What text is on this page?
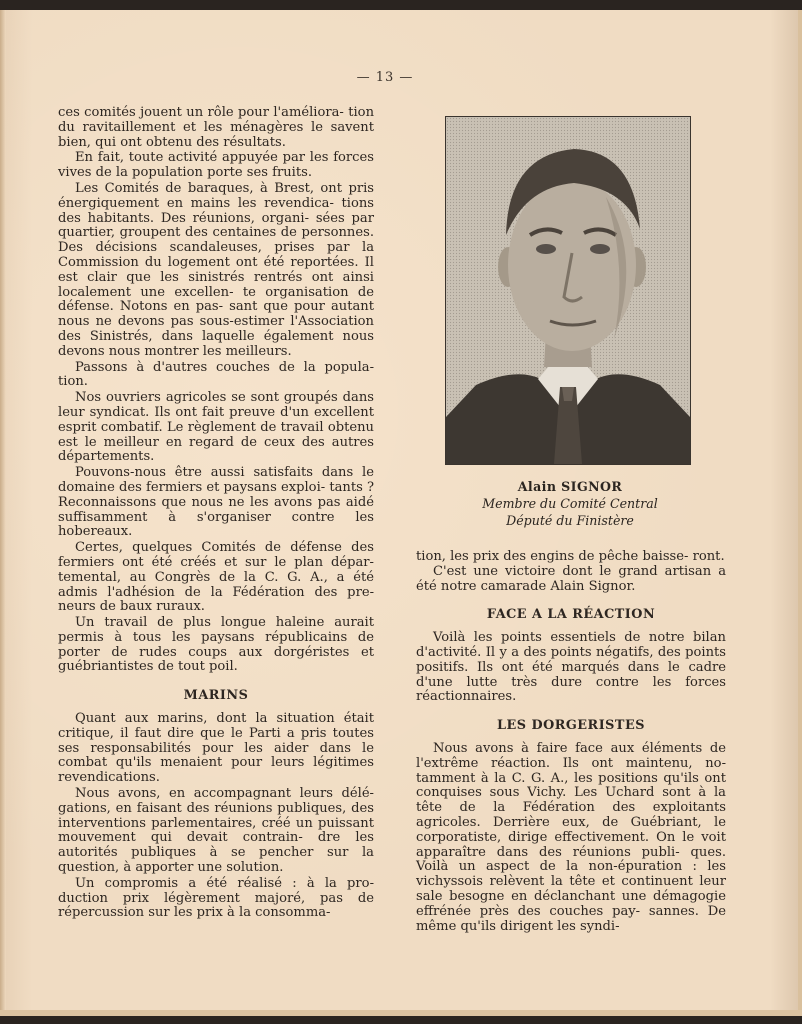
— 13 —

ces comités jouent un rôle pour l'améliora- tion du ravitaillement et les ménagères le savent bien, qui ont obtenu des résultats.

En fait, toute activité appuyée par les forces vives de la population porte ses fruits.

Les Comités de baraques, à Brest, ont pris énergiquement en mains les revendica- tions des habitants. Des réunions, organi- sées par quartier, groupent des centaines de personnes. Des décisions scandaleuses, prises par la Commission du logement ont été reportées. Il est clair que les sinistrés rentrés ont ainsi localement une excellen- te organisation de défense. Notons en pas- sant que pour autant nous ne devons pas sous-estimer l'Association des Sinistrés, dans laquelle également nous devons nous montrer les meilleurs.

Passons à d'autres couches de la popula- tion.

Nos ouvriers agricoles se sont groupés dans leur syndicat. Ils ont fait preuve d'un excellent esprit combatif. Le règlement de travail obtenu est le meilleur en regard de ceux des autres départements.

Pouvons-nous être aussi satisfaits dans le domaine des fermiers et paysans exploi- tants ? Reconnaissons que nous ne les avons pas aidé suffisamment à s'organiser contre les hobereaux.

Certes, quelques Comités de défense des fermiers ont été créés et sur le plan dépar- temental, au Congrès de la C. G. A., a été admis l'adhésion de la Fédération des pre- neurs de baux ruraux.

Un travail de plus longue haleine aurait permis à tous les paysans républicains de porter de rudes coups aux dorgéristes et guébriantistes de tout poil.

MARINS

Quant aux marins, dont la situation était critique, il faut dire que le Parti a pris toutes ses responsabilités pour les aider dans le combat qu'ils menaient pour leurs légitimes revendications.

Nous avons, en accompagnant leurs délé- gations, en faisant des réunions publiques, des interventions parlementaires, créé un puissant mouvement qui devait contrain- dre les autorités publiques à se pencher sur la question, à apporter une solution.

Un compromis a été réalisé : à la pro- duction prix légèrement majoré, pas de répercussion sur les prix à la consomma-

Alain SIGNOR
Membre du Comité Central
Député du Finistère

tion, les prix des engins de pêche baisse- ront.

C'est une victoire dont le grand artisan a été notre camarade Alain Signor.

FACE A LA RÉACTION

Voilà les points essentiels de notre bilan d'activité. Il y a des points négatifs, des points positifs. Ils ont été marqués dans le cadre d'une lutte très dure contre les forces réactionnaires.

LES DORGERISTES

Nous avons à faire face aux éléments de l'extrême réaction. Ils ont maintenu, no- tamment à la C. G. A., les positions qu'ils ont conquises sous Vichy. Les Uchard sont à la tête de la Fédération des exploitants agricoles. Derrière eux, de Guébriant, le corporatiste, dirige effectivement. On le voit apparaître dans des réunions publi- ques. Voilà un aspect de la non-épuration : les vichyssois relèvent la tête et continuent leur sale besogne en déclanchant une démagogie effrénée près des couches pay- sannes. De même qu'ils dirigent les syndi-
